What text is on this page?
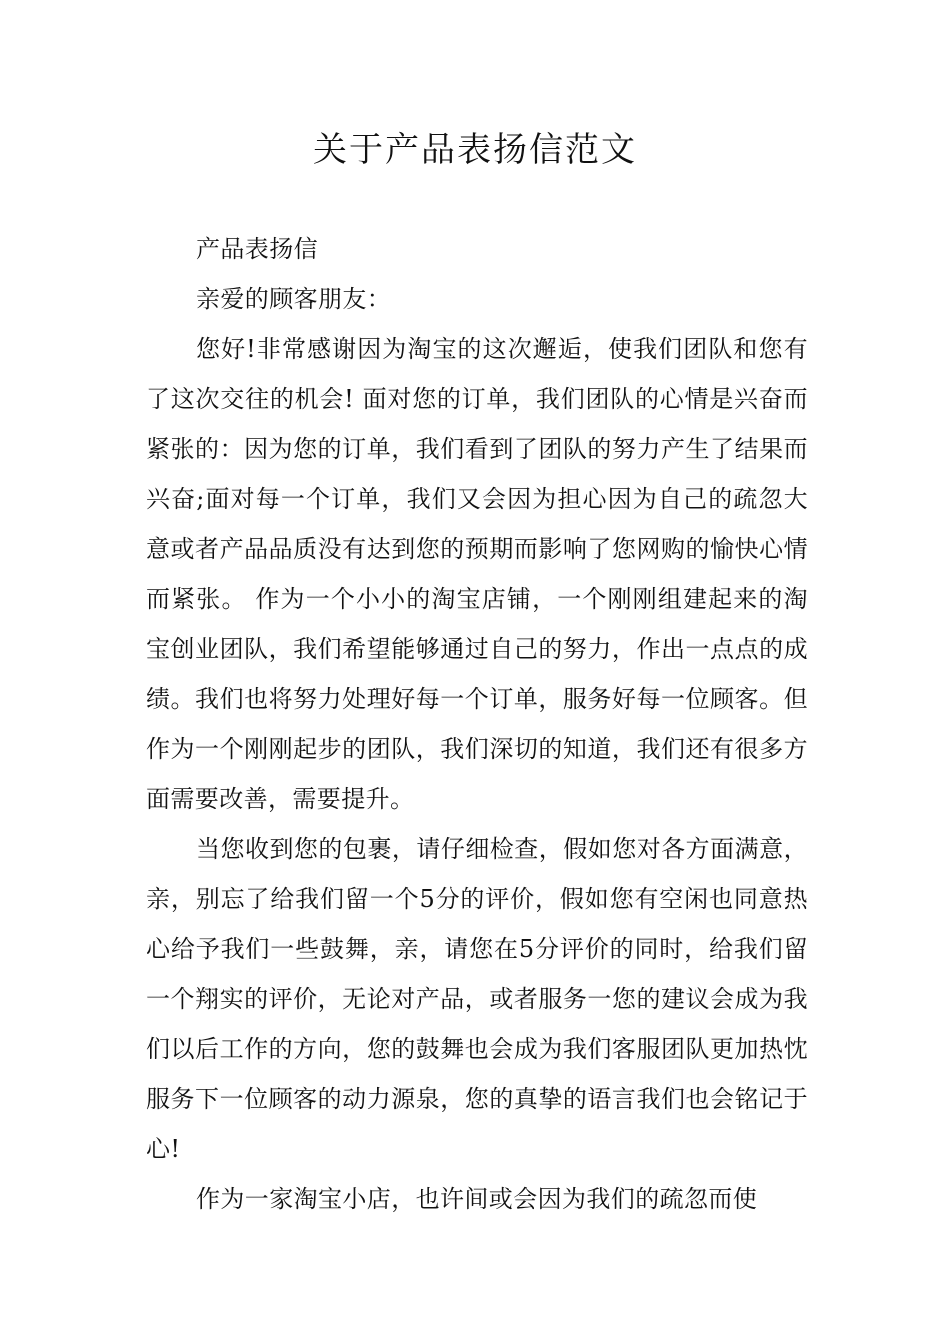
关于产品表扬信范文

产品表扬信

亲爱的顾客朋友：

您好!非常感谢因为淘宝的这次邂逅，使我们团队和您有了这次交往的机会! 面对您的订单，我们团队的心情是兴奋而紧张的：因为您的订单，我们看到了团队的努力产生了结果而兴奋;面对每一个订单，我们又会因为担心因为自己的疏忽大意或者产品品质没有达到您的预期而影响了您网购的愉快心情而紧张。 作为一个小小的淘宝店铺，一个刚刚组建起来的淘宝创业团队，我们希望能够通过自己的努力，作出一点点的成绩。我们也将努力处理好每一个订单，服务好每一位顾客。但作为一个刚刚起步的团队，我们深切的知道，我们还有很多方面需要改善，需要提升。

当您收到您的包裹，请仔细检查，假如您对各方面满意，亲，别忘了给我们留一个5分的评价，假如您有空闲也同意热心给予我们一些鼓舞，亲，请您在5分评价的同时，给我们留一个翔实的评价，无论对产品，或者服务一您的建议会成为我们以后工作的方向，您的鼓舞也会成为我们客服团队更加热忱服务下一位顾客的动力源泉，您的真挚的语言我们也会铭记于心!

作为一家淘宝小店，也许间或会因为我们的疏忽而使
